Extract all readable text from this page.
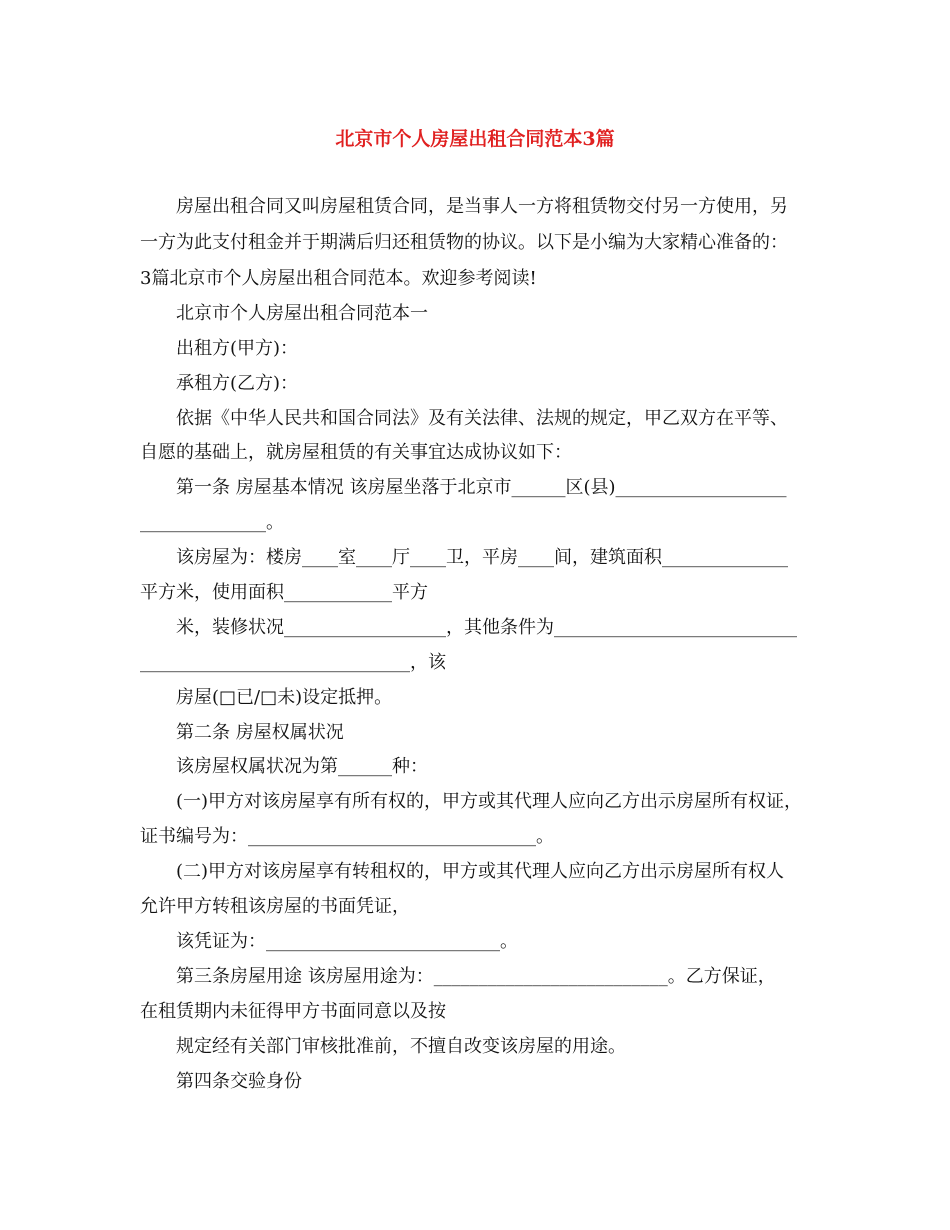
北京市个人房屋出租合同范本3篇
房屋出租合同又叫房屋租赁合同，是当事人一方将租赁物交付另一方使用，另
一方为此支付租金并于期满后归还租赁物的协议。以下是小编为大家精心准备的：
3篇北京市个人房屋出租合同范本。欢迎参考阅读!
北京市个人房屋出租合同范本一
出租方(甲方)：
承租方(乙方)：
依据《中华人民共和国合同法》及有关法律、法规的规定，甲乙双方在平等、
自愿的基础上，就房屋租赁的有关事宜达成协议如下：
第一条 房屋基本情况 该房屋坐落于北京市______区(县)___________________
______________。
该房屋为：楼房____室____厅____卫，平房____间，建筑面积______________
平方米，使用面积____________平方
米，装修状况__________________，其他条件为___________________________
______________________________，该
房屋(□已/□未)设定抵押。
第二条 房屋权属状况
该房屋权属状况为第______种：
(一)甲方对该房屋享有所有权的，甲方或其代理人应向乙方出示房屋所有权证，
证书编号为：________________________________。
(二)甲方对该房屋享有转租权的，甲方或其代理人应向乙方出示房屋所有权人
允许甲方转租该房屋的书面凭证，
该凭证为：__________________________。
第三条房屋用途 该房屋用途为：__________________________。乙方保证，
在租赁期内未征得甲方书面同意以及按
规定经有关部门审核批准前，不擅自改变该房屋的用途。
第四条交验身份
